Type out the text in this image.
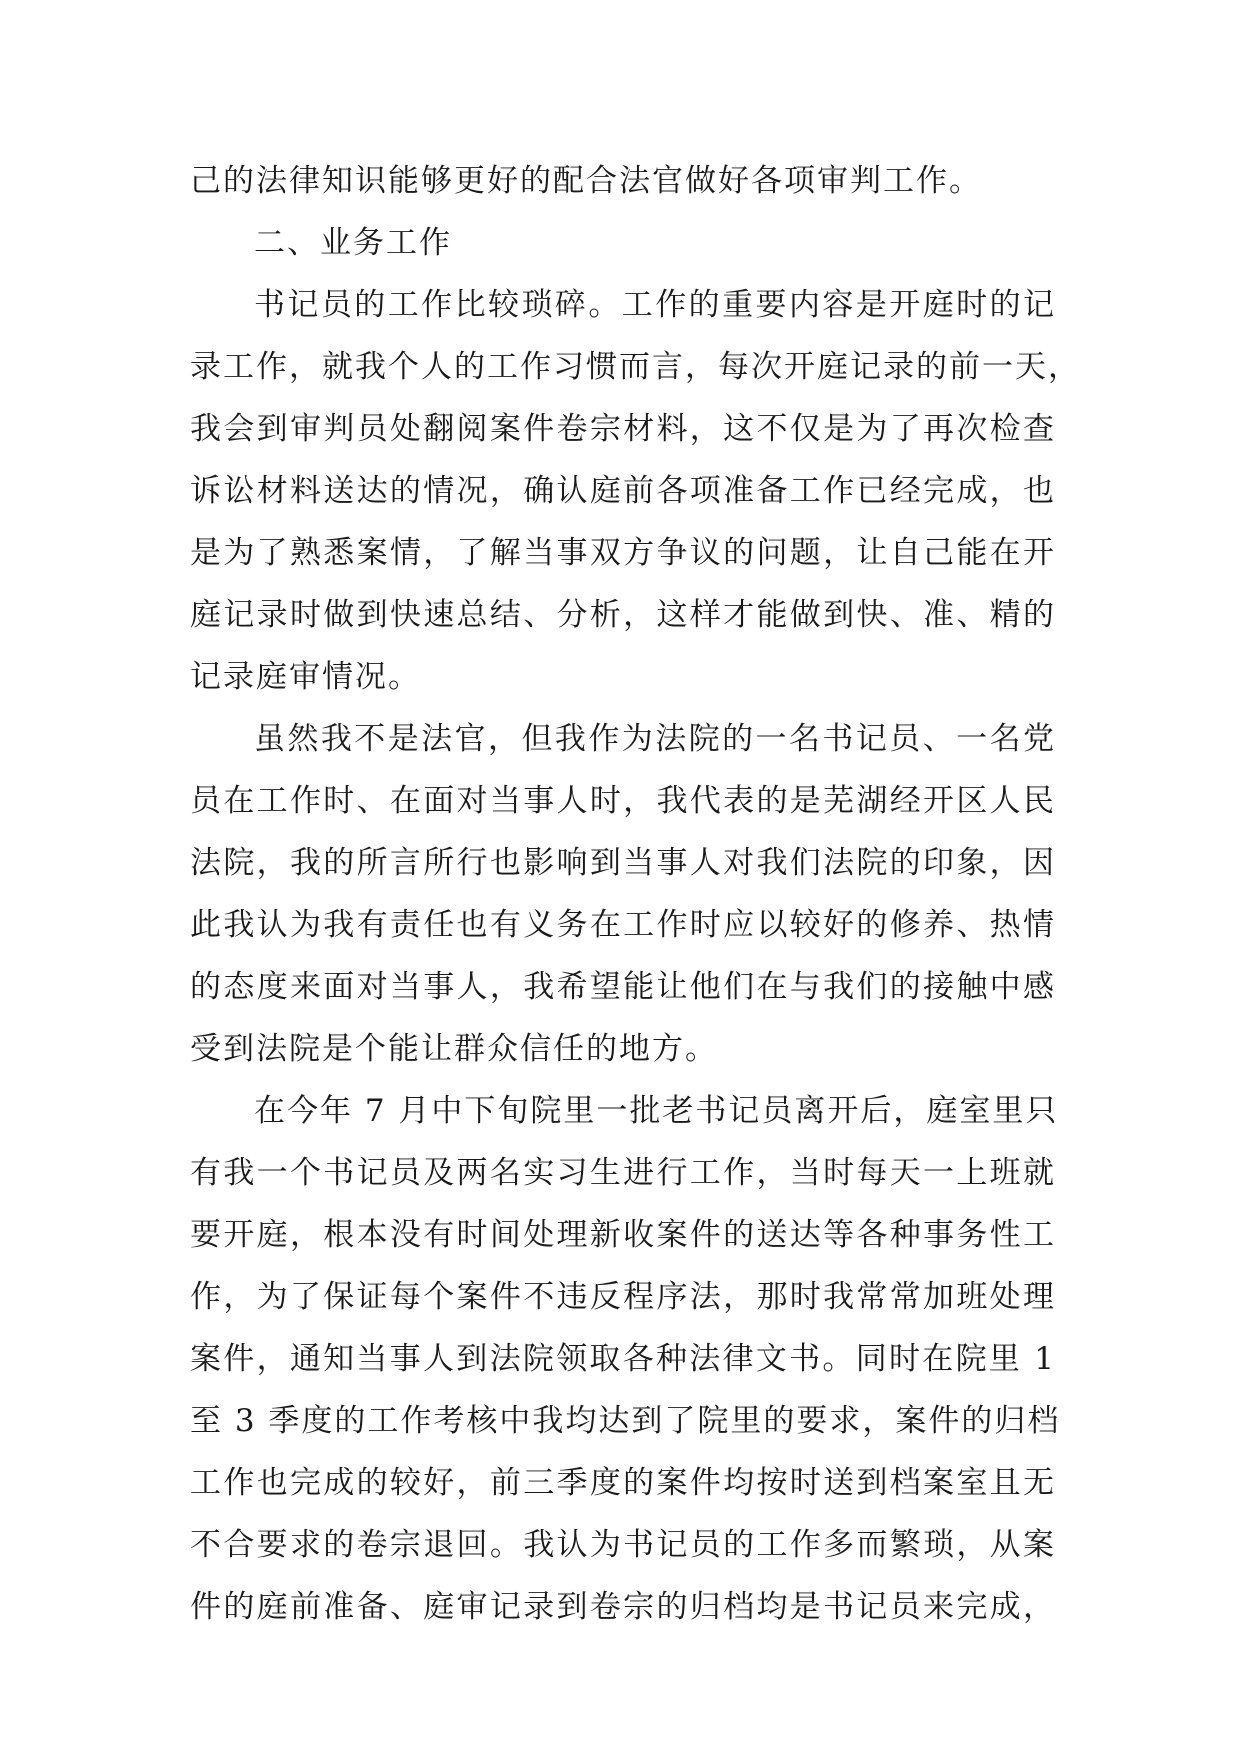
己的法律知识能够更好的配合法官做好各项审判工作。
二、业务工作
书记员的工作比较琐碎。工作的重要内容是开庭时的记
录工作，就我个人的工作习惯而言，每次开庭记录的前一天，
我会到审判员处翻阅案件卷宗材料，这不仅是为了再次检查
诉讼材料送达的情况，确认庭前各项准备工作已经完成，也
是为了熟悉案情，了解当事双方争议的问题，让自己能在开
庭记录时做到快速总结、分析，这样才能做到快、准、精的
记录庭审情况。
虽然我不是法官，但我作为法院的一名书记员、一名党
员在工作时、在面对当事人时，我代表的是芜湖经开区人民
法院，我的所言所行也影响到当事人对我们法院的印象，因
此我认为我有责任也有义务在工作时应以较好的修养、热情
的态度来面对当事人，我希望能让他们在与我们的接触中感
受到法院是个能让群众信任的地方。
在今年 7 月中下旬院里一批老书记员离开后，庭室里只
有我一个书记员及两名实习生进行工作，当时每天一上班就
要开庭，根本没有时间处理新收案件的送达等各种事务性工
作，为了保证每个案件不违反程序法，那时我常常加班处理
案件，通知当事人到法院领取各种法律文书。同时在院里 1
至 3 季度的工作考核中我均达到了院里的要求，案件的归档
工作也完成的较好，前三季度的案件均按时送到档案室且无
不合要求的卷宗退回。我认为书记员的工作多而繁琐，从案
件的庭前准备、庭审记录到卷宗的归档均是书记员来完成，
